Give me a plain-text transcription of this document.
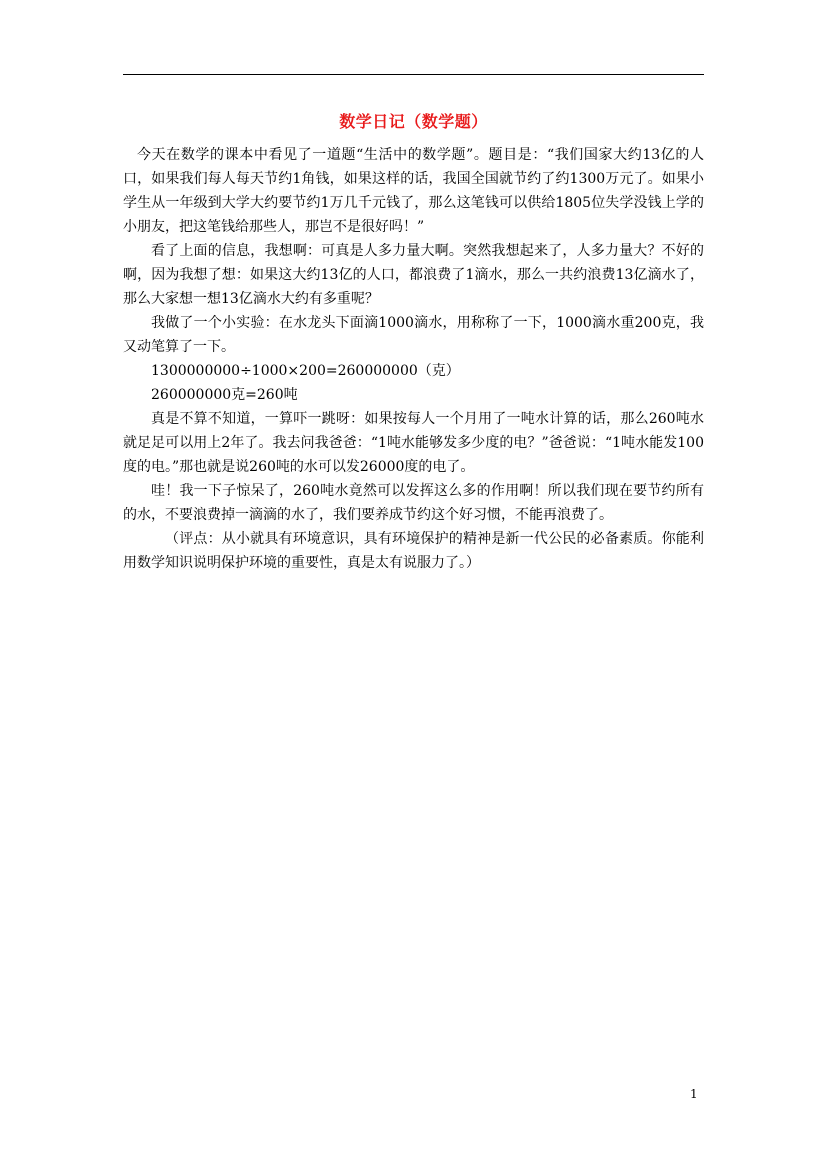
数学日记（数学题）

今天在数学的课本中看见了一道题“生活中的数学题”。题目是：“我们国家大约13亿的人口，如果我们每人每天节约1角钱，如果这样的话，我国全国就节约了约1300万元了。如果小学生从一年级到大学大约要节约1万几千元钱了，那么这笔钱可以供给1805位失学没钱上学的小朋友，把这笔钱给那些人，那岂不是很好吗！”

看了上面的信息，我想啊：可真是人多力量大啊。突然我想起来了，人多力量大？不好的啊，因为我想了想：如果这大约13亿的人口，都浪费了1滴水，那么一共约浪费13亿滴水了，那么大家想一想13亿滴水大约有多重呢？

我做了一个小实验：在水龙头下面滴1000滴水，用称称了一下，1000滴水重200克，我又动笔算了一下。

1300000000÷1000×200=260000000（克）

260000000克=260吨

真是不算不知道，一算吓一跳呀：如果按每人一个月用了一吨水计算的话，那么260吨水就足足可以用上2年了。我去问我爸爸：“1吨水能够发多少度的电？”爸爸说：“1吨水能发100度的电。”那也就是说260吨的水可以发26000度的电了。

哇！我一下子惊呆了，260吨水竟然可以发挥这么多的作用啊！所以我们现在要节约所有的水，不要浪费掉一滴滴的水了，我们要养成节约这个好习惯，不能再浪费了。

（评点：从小就具有环境意识，具有环境保护的精神是新一代公民的必备素质。你能利用数学知识说明保护环境的重要性，真是太有说服力了。）

1
